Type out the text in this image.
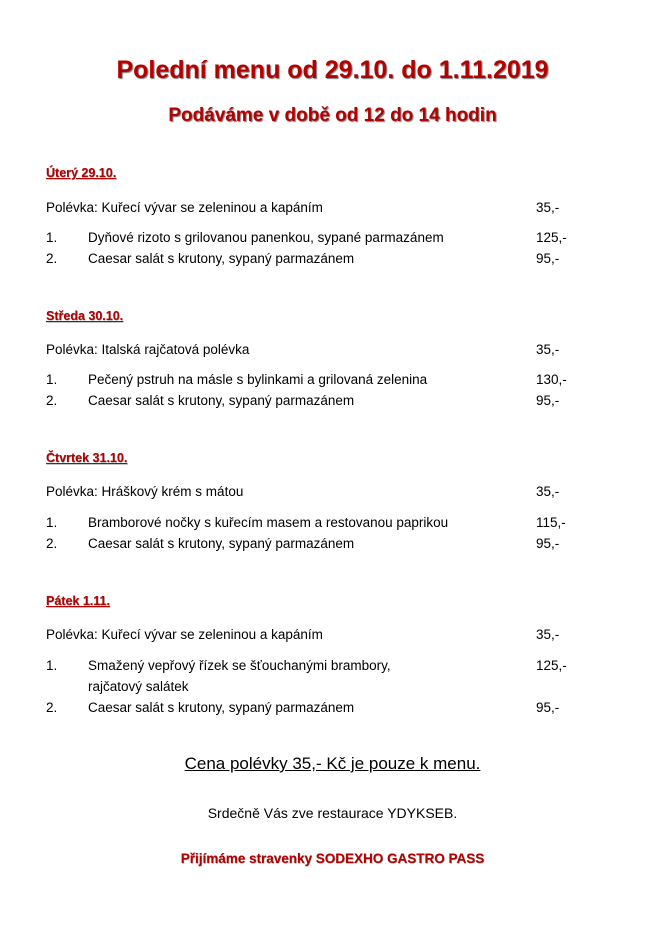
Polední menu od 29.10. do 1.11.2019
Podáváme v době od 12 do 14 hodin
Úterý 29.10.
Polévka: Kuřecí vývar se zeleninou a kapáním	35,-
1. Dyňové rizoto s grilovanou panenkou, sypané parmazánem	125,-
2. Caesar salát s krutony, sypaný parmazánem	95,-
Středa 30.10.
Polévka: Italská rajčatová polévka	35,-
1. Pečený pstruh na másle s bylinkami a grilovaná zelenina	130,-
2. Caesar salát s krutony, sypaný parmazánem	95,-
Čtvrtek 31.10.
Polévka: Hráškový krém s mátou	35,-
1. Bramborové nočky s kuřecím masem a restovanou paprikou	115,-
2. Caesar salát s krutony, sypaný parmazánem	95,-
Pátek 1.11.
Polévka: Kuřecí vývar se zeleninou a kapáním	35,-
1. Smažený vepřový řízek se šťouchanými brambory,	125,-
rajčatový salátek
2. Caesar salát s krutony, sypaný parmazánem	95,-
Cena polévky 35,- Kč je pouze k menu.
Srdečně Vás zve restaurace YDYKSEB.
Přijímáme stravenky SODEXHO GASTRO PASS
